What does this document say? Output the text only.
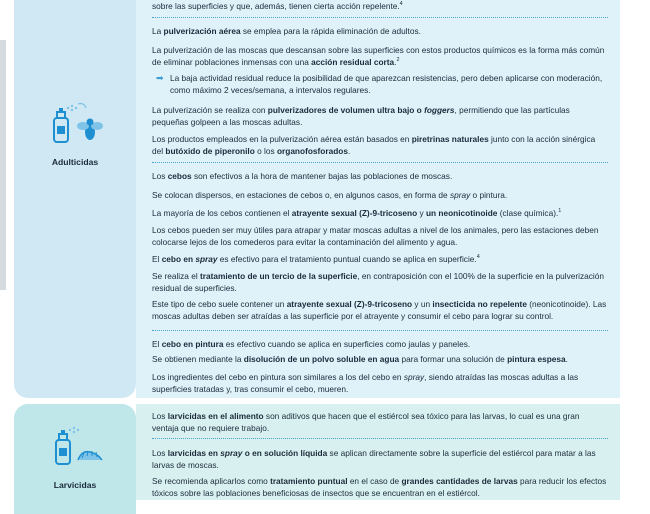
Adulticidas
Larvicidas

sobre las superficies y que, además, tienen cierta acción repelente.$^4$

La pulverización aérea se emplea para la rápida eliminación de adultos.

La pulverización de las moscas que descansan sobre las superficies con estos productos químicos es la forma más común de eliminar poblaciones inmensas con una acción residual corta.$^2$

➡ La baja actividad residual reduce la posibilidad de que aparezcan resistencias, pero deben aplicarse con moderación, como máximo 2 veces/semana, a intervalos regulares.

La pulverización se realiza con pulverizadores de volumen ultra bajo o foggers, permitiendo que las partículas pequeñas golpeen a las moscas adultas.

Los productos empleados en la pulverización aérea están basados en piretrinas naturales junto con la acción sinérgica del butóxido de piperonilo o los organofosforados.

Los cebos son efectivos a la hora de mantener bajas las poblaciones de moscas.

Se colocan dispersos, en estaciones de cebos o, en algunos casos, en forma de spray o pintura.

La mayoría de los cebos contienen el atrayente sexual (Z)-9-tricoseno y un neonicotinoide (clase química).$^1$

Los cebos pueden ser muy útiles para atrapar y matar moscas adultas a nivel de los animales, pero las estaciones deben colocarse lejos de los comederos para evitar la contaminación del alimento y agua.

El cebo en spray es efectivo para el tratamiento puntual cuando se aplica en superficie.$^4$

Se realiza el tratamiento de un tercio de la superficie, en contraposición con el 100% de la superficie en la pulverización residual de superficies.

Este tipo de cebo suele contener un atrayente sexual (Z)-9-tricoseno y un insecticida no repelente (neonicotinoide). Las moscas adultas deben ser atraídas a las superficie por el atrayente y consumir el cebo para lograr su control.

El cebo en pintura es efectivo cuando se aplica en superficies como jaulas y paneles.

Se obtienen mediante la disolución de un polvo soluble en agua para formar una solución de pintura espesa.

Los ingredientes del cebo en pintura son similares a los del cebo en spray, siendo atraídas las moscas adultas a las superficies tratadas y, tras consumir el cebo, mueren.

Los larvicidas en el alimento son aditivos que hacen que el estiércol sea tóxico para las larvas, lo cual es una gran ventaja que no requiere trabajo.

Los larvicidas en spray o en solución líquida se aplican directamente sobre la superficie del estiércol para matar a las larvas de moscas.

Se recomienda aplicarlos como tratamiento puntual en el caso de grandes cantidades de larvas para reducir los efectos tóxicos sobre las poblaciones beneficiosas de insectos que se encuentran en el estiércol.
